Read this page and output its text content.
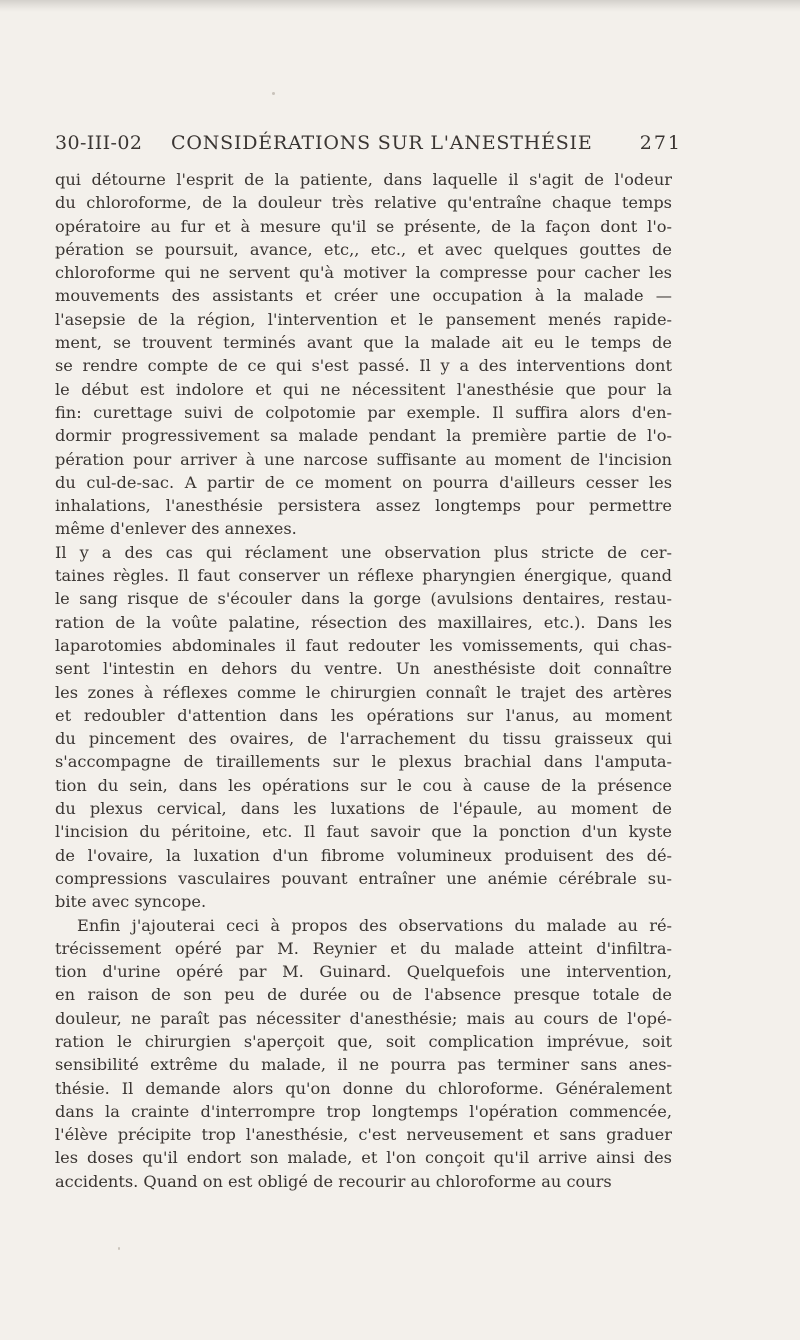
30-III-02 CONSIDÉRATIONS SUR L'ANESTHÉSIE 271
qui détourne l'esprit de la patiente, dans laquelle il s'agit de l'odeur
du chloroforme, de la douleur très relative qu'entraîne chaque temps
opératoire au fur et à mesure qu'il se présente, de la façon dont l'o-
pération se poursuit, avance, etc,, etc., et avec quelques gouttes de
chloroforme qui ne servent qu'à motiver la compresse pour cacher les
mouvements des assistants et créer une occupation à la malade —
l'asepsie de la région, l'intervention et le pansement menés rapide-
ment, se trouvent terminés avant que la malade ait eu le temps de
se rendre compte de ce qui s'est passé. Il y a des interventions dont
le début est indolore et qui ne nécessitent l'anesthésie que pour la
fin: curettage suivi de colpotomie par exemple. Il suffira alors d'en-
dormir progressivement sa malade pendant la première partie de l'o-
pération pour arriver à une narcose suffisante au moment de l'incision
du cul-de-sac. A partir de ce moment on pourra d'ailleurs cesser les
inhalations, l'anesthésie persistera assez longtemps pour permettre
même d'enlever des annexes.
Il y a des cas qui réclament une observation plus stricte de cer-
taines règles. Il faut conserver un réflexe pharyngien énergique, quand
le sang risque de s'écouler dans la gorge (avulsions dentaires, restau-
ration de la voûte palatine, résection des maxillaires, etc.). Dans les
laparotomies abdominales il faut redouter les vomissements, qui chas-
sent l'intestin en dehors du ventre. Un anesthésiste doit connaître
les zones à réflexes comme le chirurgien connaît le trajet des artères
et redoubler d'attention dans les opérations sur l'anus, au moment
du pincement des ovaires, de l'arrachement du tissu graisseux qui
s'accompagne de tiraillements sur le plexus brachial dans l'amputa-
tion du sein, dans les opérations sur le cou à cause de la présence
du plexus cervical, dans les luxations de l'épaule, au moment de
l'incision du péritoine, etc. Il faut savoir que la ponction d'un kyste
de l'ovaire, la luxation d'un fibrome volumineux produisent des dé-
compressions vasculaires pouvant entraîner une anémie cérébrale su-
bite avec syncope.
Enfin j'ajouterai ceci à propos des observations du malade au ré-
trécissement opéré par M. Reynier et du malade atteint d'infiltra-
tion d'urine opéré par M. Guinard. Quelquefois une intervention,
en raison de son peu de durée ou de l'absence presque totale de
douleur, ne paraît pas nécessiter d'anesthésie; mais au cours de l'opé-
ration le chirurgien s'aperçoit que, soit complication imprévue, soit
sensibilité extrême du malade, il ne pourra pas terminer sans anes-
thésie. Il demande alors qu'on donne du chloroforme. Généralement
dans la crainte d'interrompre trop longtemps l'opération commencée,
l'élève précipite trop l'anesthésie, c'est nerveusement et sans graduer
les doses qu'il endort son malade, et l'on conçoit qu'il arrive ainsi des
accidents. Quand on est obligé de recourir au chloroforme au cours
